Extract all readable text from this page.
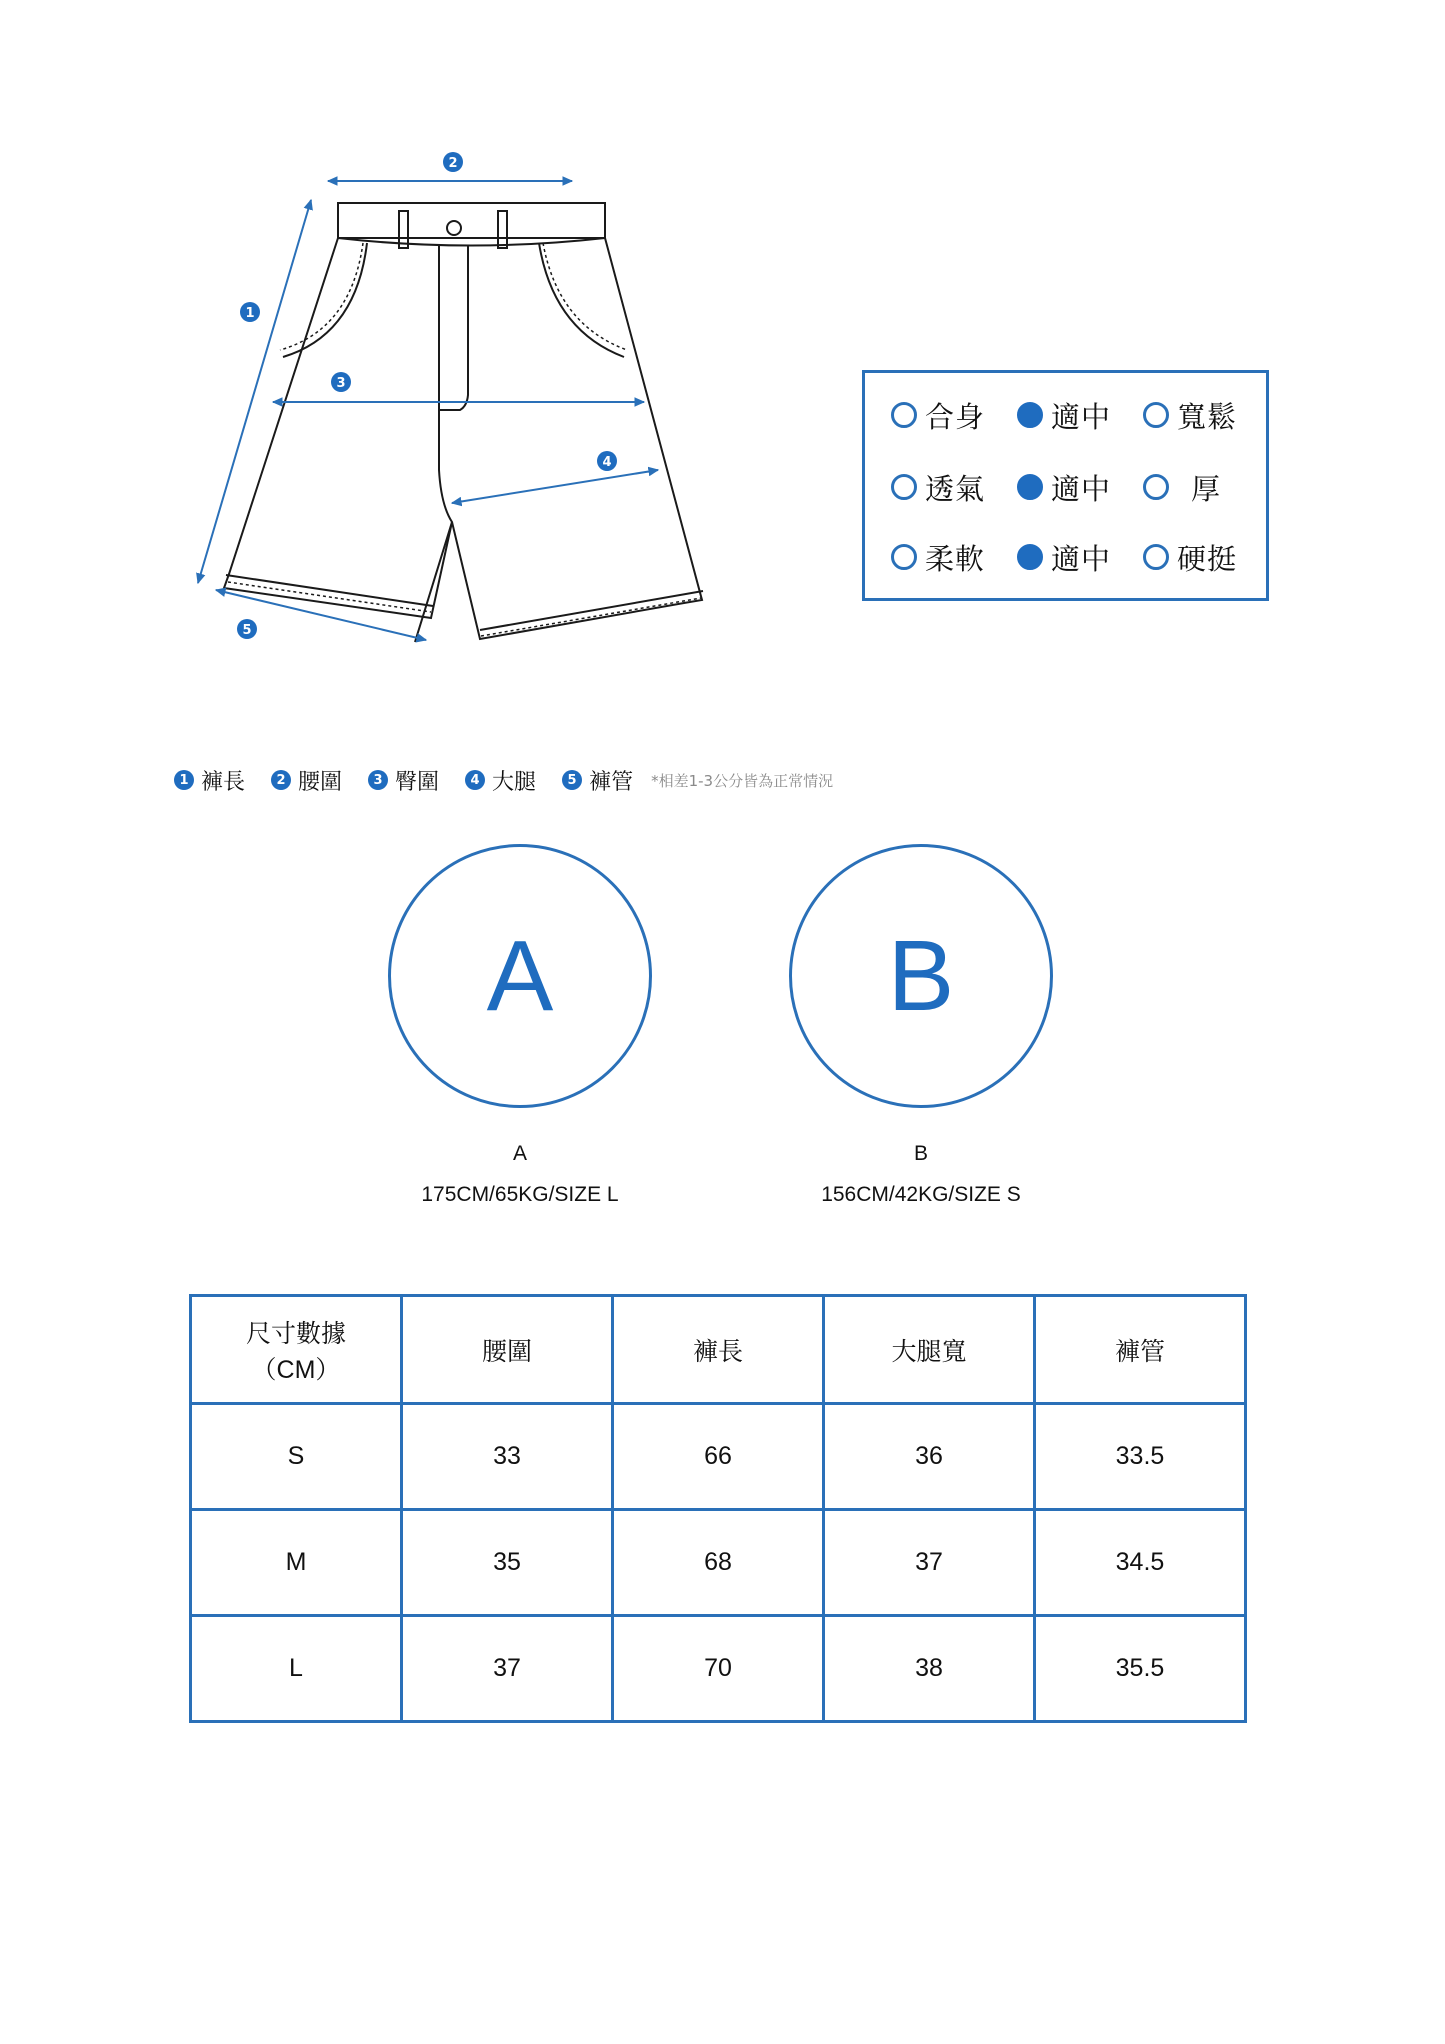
2
1
3
4
5
合身 適中 寬鬆
透氣 適中	厚
柔軟 適中 硬挺
1 褲長	2 腰圍	3 臀圍	4 大腿	5 褲管 *相差1-3公分皆為正常情況
A
A
175CM/65KG/SIZE L
B
B
156CM/42KG/SIZE S
尺寸數據
（CM）	腰圍	褲長	大腿寬	褲管
S	33	66	36	33.5
M	35	68	37	34.5
L	37	70	38	35.5
